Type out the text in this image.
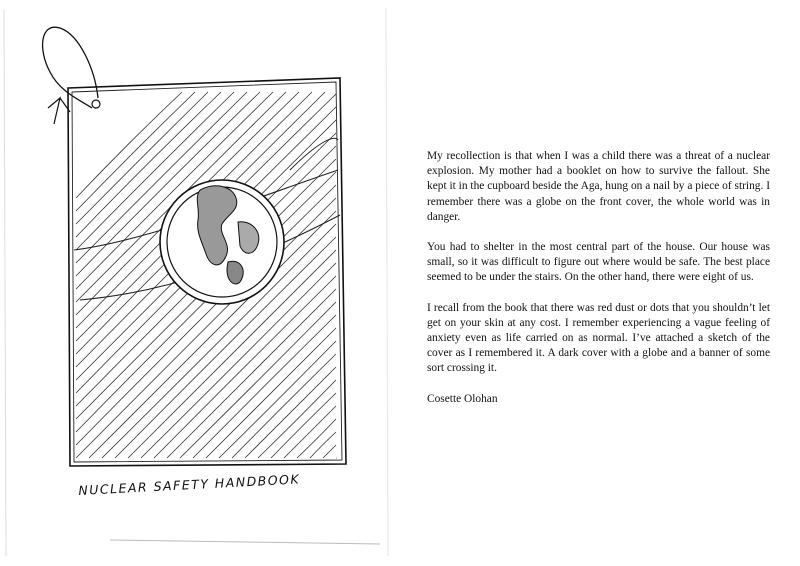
NUCLEAR SAFETY HANDBOOK

My recollection is that when I was a child there was a threat of a nuclear explosion. My mother had a booklet on how to survive the fallout. She kept it in the cupboard beside the Aga, hung on a nail by a piece of string. I remember there was a globe on the front cover, the whole world was in danger.

You had to shelter in the most central part of the house. Our house was small, so it was difficult to figure out where would be safe. The best place seemed to be under the stairs. On the other hand, there were eight of us.

I recall from the book that there was red dust or dots that you shouldn’t let get on your skin at any cost. I remember experiencing a vague feeling of anxiety even as life carried on as normal. I’ve attached a sketch of the cover as I remembered it. A dark cover with a globe and a banner of some sort crossing it.

Cosette Olohan
